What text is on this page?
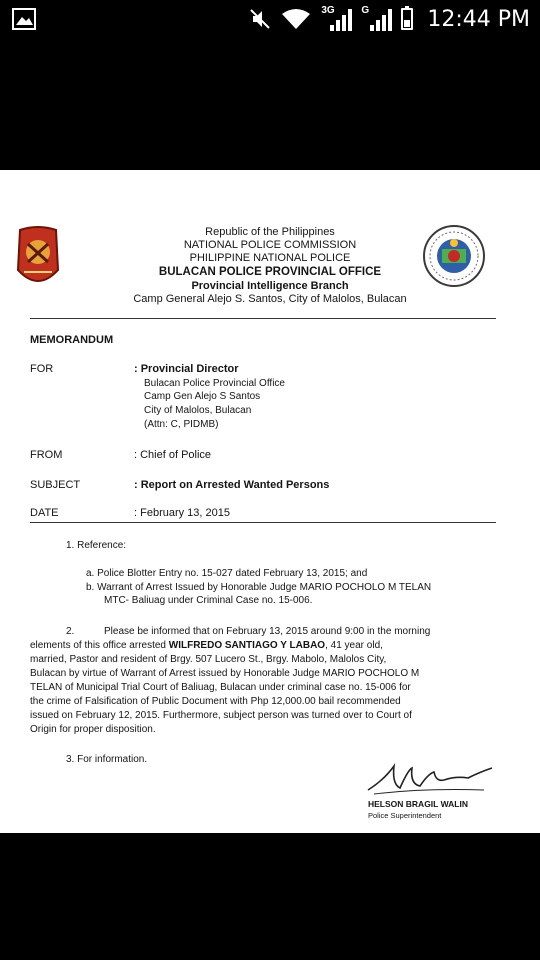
3G	G	12:44 PM
Republic of the Philippines
NATIONAL POLICE COMMISSION
PHILIPPINE NATIONAL POLICE
BULACAN POLICE PROVINCIAL OFFICE
Provincial Intelligence Branch
Camp General Alejo S. Santos, City of Malolos, Bulacan
MEMORANDUM
FOR	: Provincial Director
Bulacan Police Provincial Office
Camp Gen Alejo S Santos
City of Malolos, Bulacan
(Attn: C, PIDMB)
FROM	: Chief of Police
SUBJECT	: Report on Arrested Wanted Persons
DATE	: February 13, 2015
1. Reference:
a. Police Blotter Entry no. 15-027 dated February 13, 2015; and
b. Warrant of Arrest Issued by Honorable Judge MARIO POCHOLO M TELAN
MTC- Baliuag under Criminal Case no. 15-006.
2.	Please be informed that on February 13, 2015 around 9:00 in the morning
elements of this office arrested WILFREDO SANTIAGO Y LABAO, 41 year old,
married, Pastor and resident of Brgy. 507 Lucero St., Brgy. Mabolo, Malolos City,
Bulacan by virtue of Warrant of Arrest issued by Honorable Judge MARIO POCHOLO M
TELAN of Municipal Trial Court of Baliuag, Bulacan under criminal case no. 15-006 for
the crime of Falsification of Public Document with Php 12,000.00 bail recommended
issued on February 12, 2015. Furthermore, subject person was turned over to Court of
Origin for proper disposition.
3. For information.
HELSON BRAGIL WALIN
Police Superintendent
